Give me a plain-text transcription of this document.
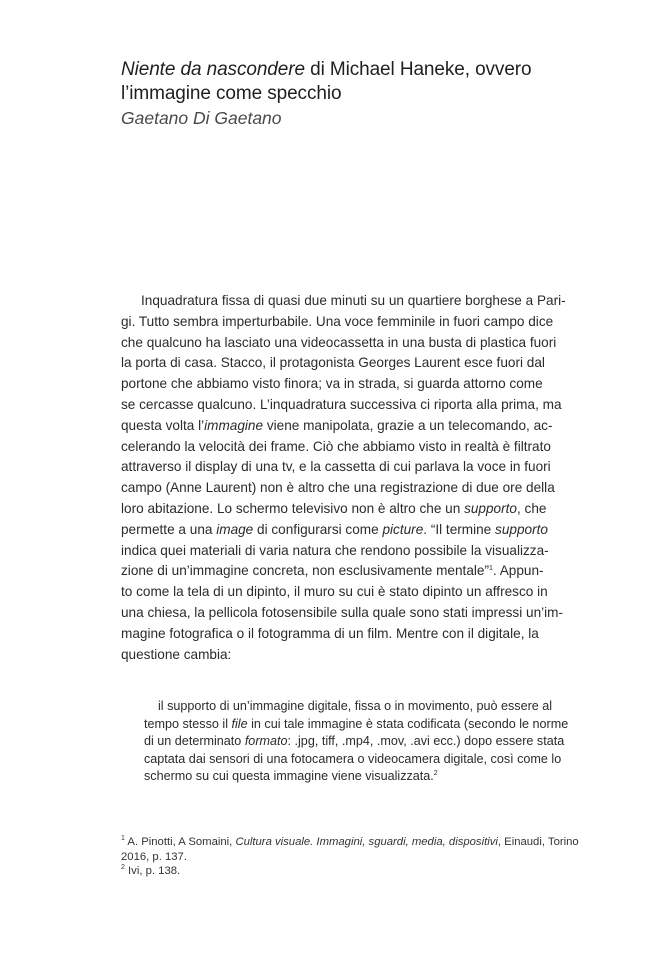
Niente da nascondere di Michael Haneke, ovvero
l’immagine come specchio

Gaetano Di Gaetano

Inquadratura fissa di quasi due minuti su un quartiere borghese a Pari-
gi. Tutto sembra imperturbabile. Una voce femminile in fuori campo dice
che qualcuno ha lasciato una videocassetta in una busta di plastica fuori
la porta di casa. Stacco, il protagonista Georges Laurent esce fuori dal
portone che abbiamo visto finora; va in strada, si guarda attorno come
se cercasse qualcuno. L’inquadratura successiva ci riporta alla prima, ma
questa volta l’immagine viene manipolata, grazie a un telecomando, ac-
celerando la velocità dei frame. Ciò che abbiamo visto in realtà è filtrato
attraverso il display di una tv, e la cassetta di cui parlava la voce in fuori
campo (Anne Laurent) non è altro che una registrazione di due ore della
loro abitazione. Lo schermo televisivo non è altro che un supporto, che
permette a una image di configurarsi come picture. “Il termine supporto
indica quei materiali di varia natura che rendono possibile la visualizza-
zione di un’immagine concreta, non esclusivamente mentale”$^1$. Appun-
to come la tela di un dipinto, il muro su cui è stato dipinto un affresco in
una chiesa, la pellicola fotosensibile sulla quale sono stati impressi un’im-
magine fotografica o il fotogramma di un film. Mentre con il digitale, la
questione cambia:
il supporto di un’immagine digitale, fissa o in movimento, può essere al
tempo stesso il file in cui tale immagine è stata codificata (secondo le norme
di un determinato formato: .jpg, tiff, .mp4, .mov, .avi ecc.) dopo essere stata
captata dai sensori di una fotocamera o videocamera digitale, così come lo
schermo su cui questa immagine viene visualizzata.$^2$
$^1$ A. Pinotti, A Somaini, Cultura visuale. Immagini, sguardi, media, dispositivi, Einaudi, Torino
2016, p. 137.
$^2$ Ivi, p. 138.
